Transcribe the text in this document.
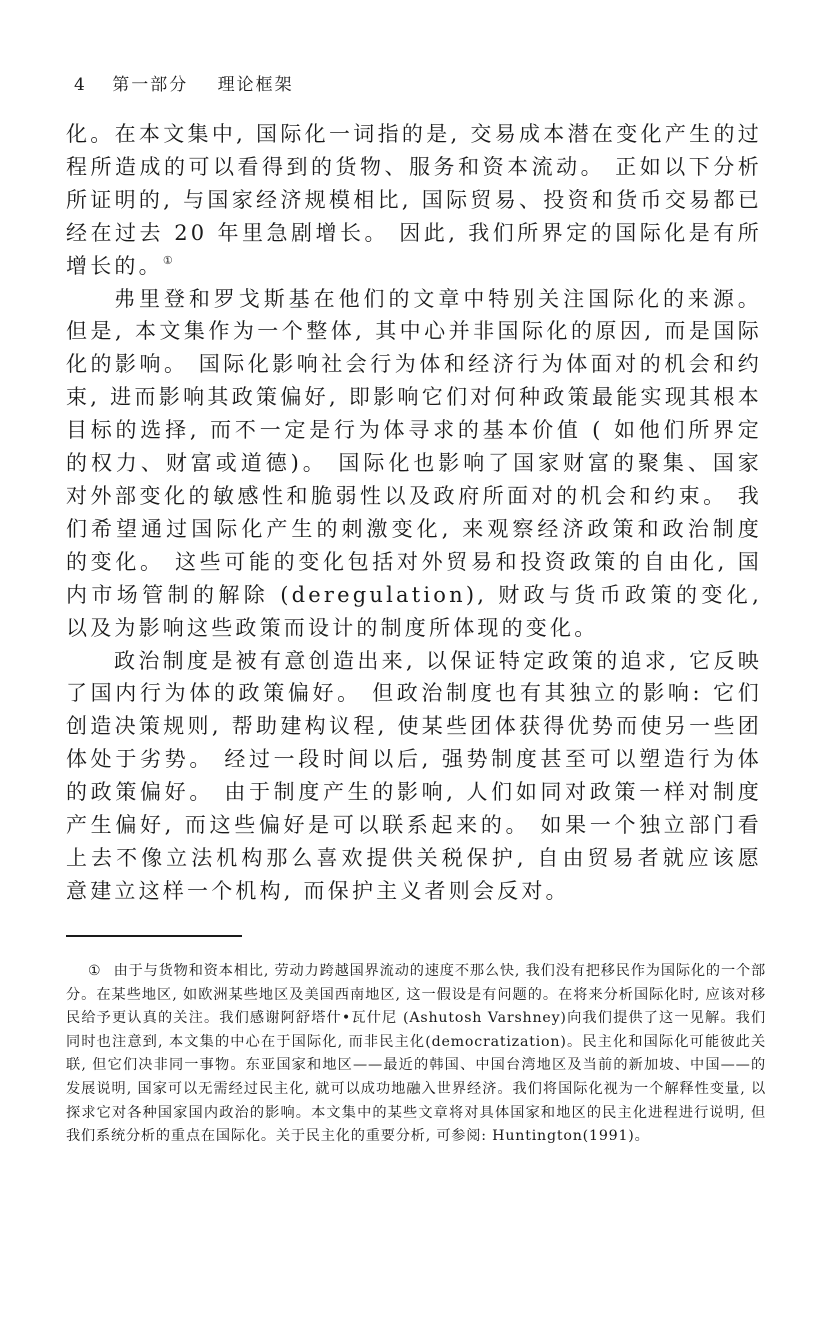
4 第一部分 理论框架

化。在本文集中, 国际化一词指的是, 交易成本潜在变化产生的过程所造成的可以看得到的货物、服务和资本流动。 正如以下分析所证明的, 与国家经济规模相比, 国际贸易、投资和货币交易都已经在过去 20 年里急剧增长。 因此, 我们所界定的国际化是有所增长的。①

弗里登和罗戈斯基在他们的文章中特别关注国际化的来源。 但是, 本文集作为一个整体, 其中心并非国际化的原因, 而是国际化的影响。 国际化影响社会行为体和经济行为体面对的机会和约束, 进而影响其政策偏好, 即影响它们对何种政策最能实现其根本目标的选择, 而不一定是行为体寻求的基本价值 ( 如他们所界定的权力、财富或道德)。 国际化也影响了国家财富的聚集、国家对外部变化的敏感性和脆弱性以及政府所面对的机会和约束。 我们希望通过国际化产生的刺激变化, 来观察经济政策和政治制度的变化。 这些可能的变化包括对外贸易和投资政策的自由化, 国内市场管制的解除 (deregulation), 财政与货币政策的变化, 以及为影响这些政策而设计的制度所体现的变化。

政治制度是被有意创造出来, 以保证特定政策的追求, 它反映了国内行为体的政策偏好。 但政治制度也有其独立的影响: 它们创造决策规则, 帮助建构议程, 使某些团体获得优势而使另一些团体处于劣势。 经过一段时间以后, 强势制度甚至可以塑造行为体的政策偏好。 由于制度产生的影响, 人们如同对政策一样对制度产生偏好, 而这些偏好是可以联系起来的。 如果一个独立部门看上去不像立法机构那么喜欢提供关税保护, 自由贸易者就应该愿意建立这样一个机构, 而保护主义者则会反对。

① 由于与货物和资本相比, 劳动力跨越国界流动的速度不那么快, 我们没有把移民作为国际化的一个部分。在某些地区, 如欧洲某些地区及美国西南地区, 这一假设是有问题的。在将来分析国际化时, 应该对移民给予更认真的关注。我们感谢阿舒塔什•瓦什尼 (Ashutosh Varshney)向我们提供了这一见解。我们同时也注意到, 本文集的中心在于国际化, 而非民主化(democratization)。民主化和国际化可能彼此关联, 但它们决非同一事物。东亚国家和地区——最近的韩国、中国台湾地区及当前的新加坡、中国——的发展说明, 国家可以无需经过民主化, 就可以成功地融入世界经济。我们将国际化视为一个解释性变量, 以探求它对各种国家国内政治的影响。本文集中的某些文章将对具体国家和地区的民主化进程进行说明, 但我们系统分析的重点在国际化。关于民主化的重要分析, 可参阅: Huntington(1991)。
